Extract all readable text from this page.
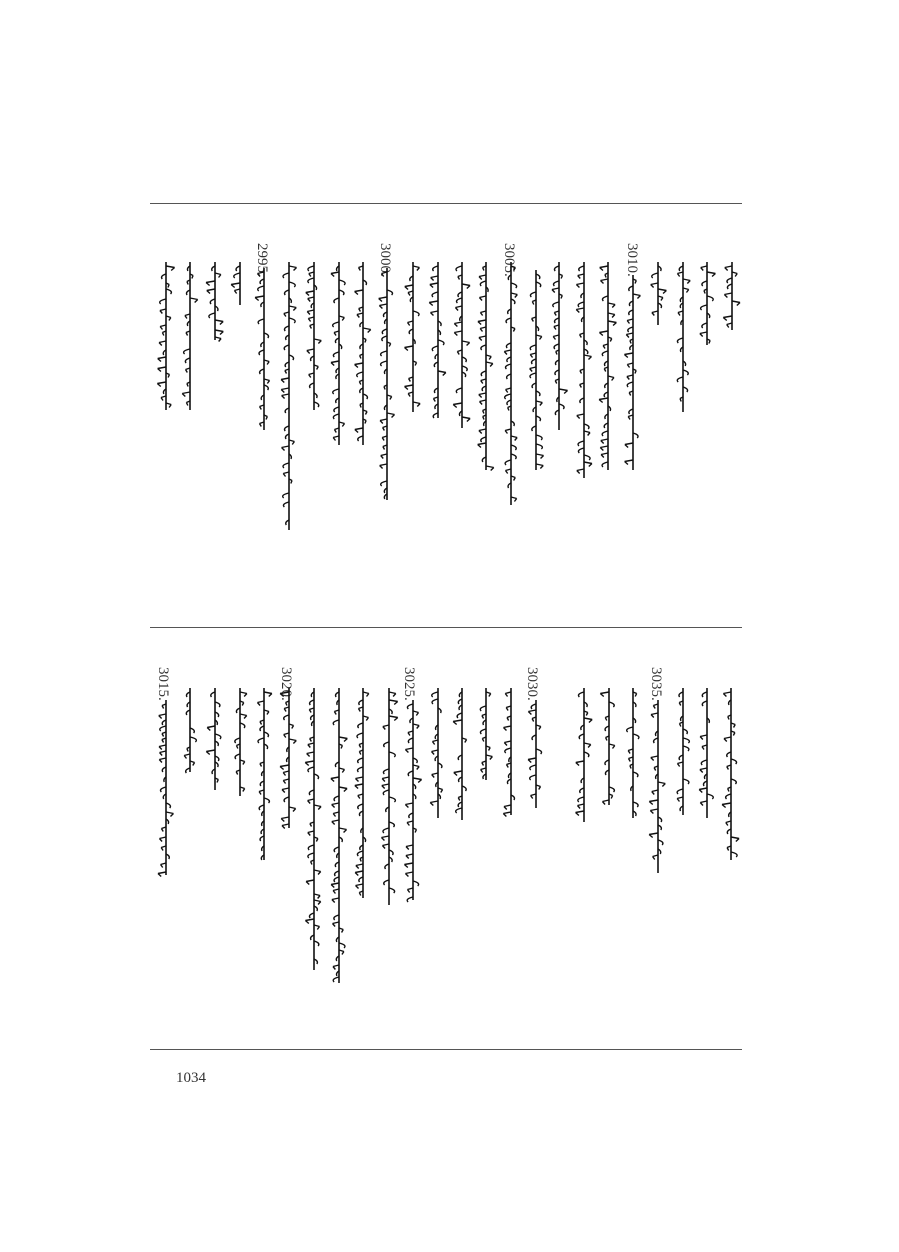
3010.
3005.
3000.
2995.
3035.
3030.
3025.
3020.
3015.
1034
